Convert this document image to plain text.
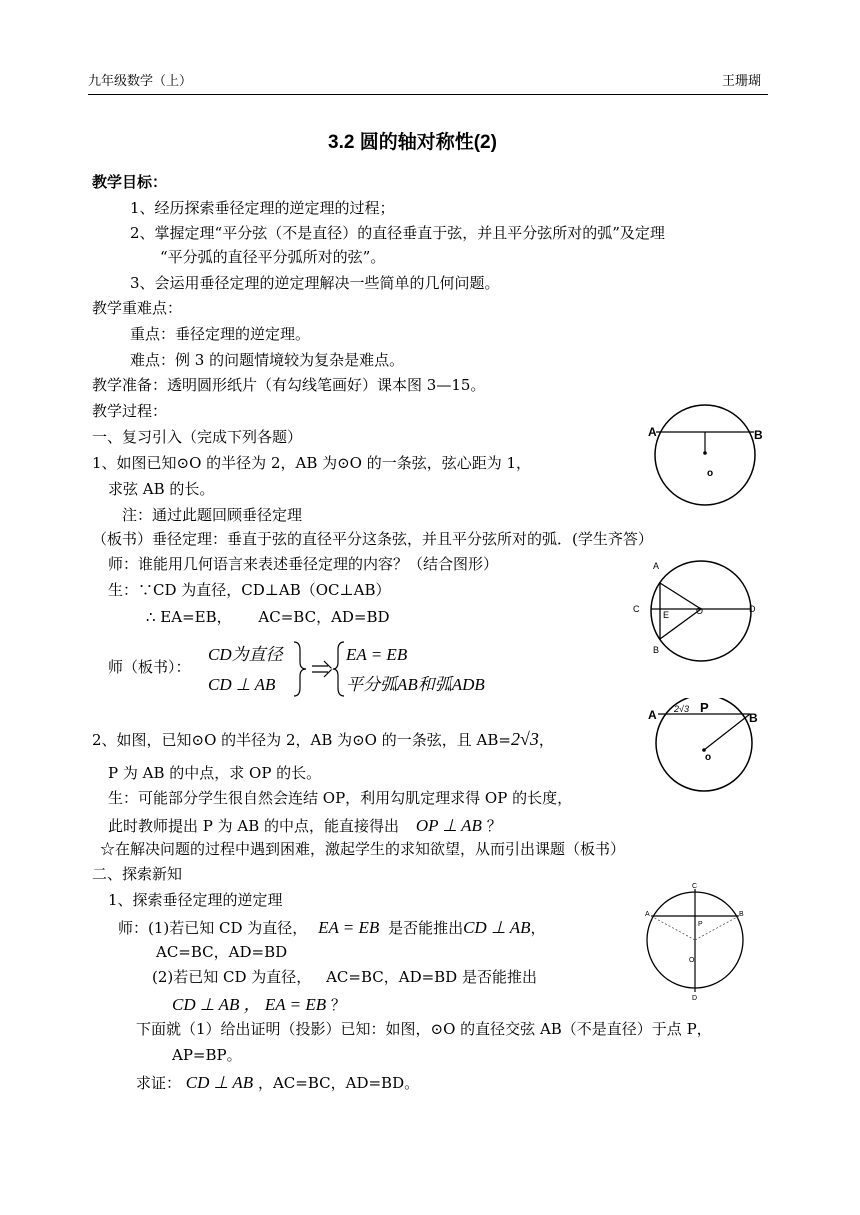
九年级数学（上）	王珊瑚
3.2 圆的轴对称性(2)
教学目标：
1、经历探索垂径定理的逆定理的过程；
2、掌握定理“平分弦（不是直径）的直径垂直于弦，并且平分弦所对的弧”及定理
“平分弧的直径平分弧所对的弦”。
3、会运用垂径定理的逆定理解决一些简单的几何问题。
教学重难点：
重点：垂径定理的逆定理。
难点：例 3 的问题情境较为复杂是难点。
教学准备：透明圆形纸片（有勾线笔画好）课本图 3—15。
教学过程：
一、复习引入（完成下列各题）
1、如图已知⊙O 的半径为 2，AB 为⊙O 的一条弦，弦心距为 1，
求弦 AB 的长。
注：通过此题回顾垂径定理
（板书）垂径定理：垂直于弦的直径平分这条弦，并且平分弦所对的弧．(学生齐答）
师：谁能用几何语言来表述垂径定理的内容？（结合图形）
生：∵CD 为直径，CD⊥AB（OC⊥AB）
∴ EA=EB， AC=BC，AD=BD
师（板书）：
CD为直径
CD ⊥ AB
EA = EB
平分弧AB和弧ADB
2、如图，已知⊙O 的半径为 2，AB 为⊙O 的一条弦，且 AB=2√3，
P 为 AB 的中点，求 OP 的长。
生：可能部分学生很自然会连结 OP，利用勾肌定理求得 OP 的长度，
此时教师提出 P 为 AB 的中点，能直接得出 OP ⊥ AB ？
☆在解决问题的过程中遇到困难，激起学生的求知欲望，从而引出课题（板书）
二、探索新知
1、探索垂径定理的逆定理
师：(1)若已知 CD 为直径， EA = EB 是否能推出CD ⊥ AB，
AC=BC，AD=BD
(2)若已知 CD 为直径， AC=BC，AD=BD 是否能推出
CD ⊥ AB ， EA = EB ？
下面就（1）给出证明（投影）已知：如图，⊙O 的直径交弦 AB（不是直径）于点 P，
AP=BP。
求证： CD ⊥ AB ，AC=BC，AD=BD。
A	B
o
A
B
C	D
E	O
A	B
2√3 P
o
C
A	B
P
O
D
